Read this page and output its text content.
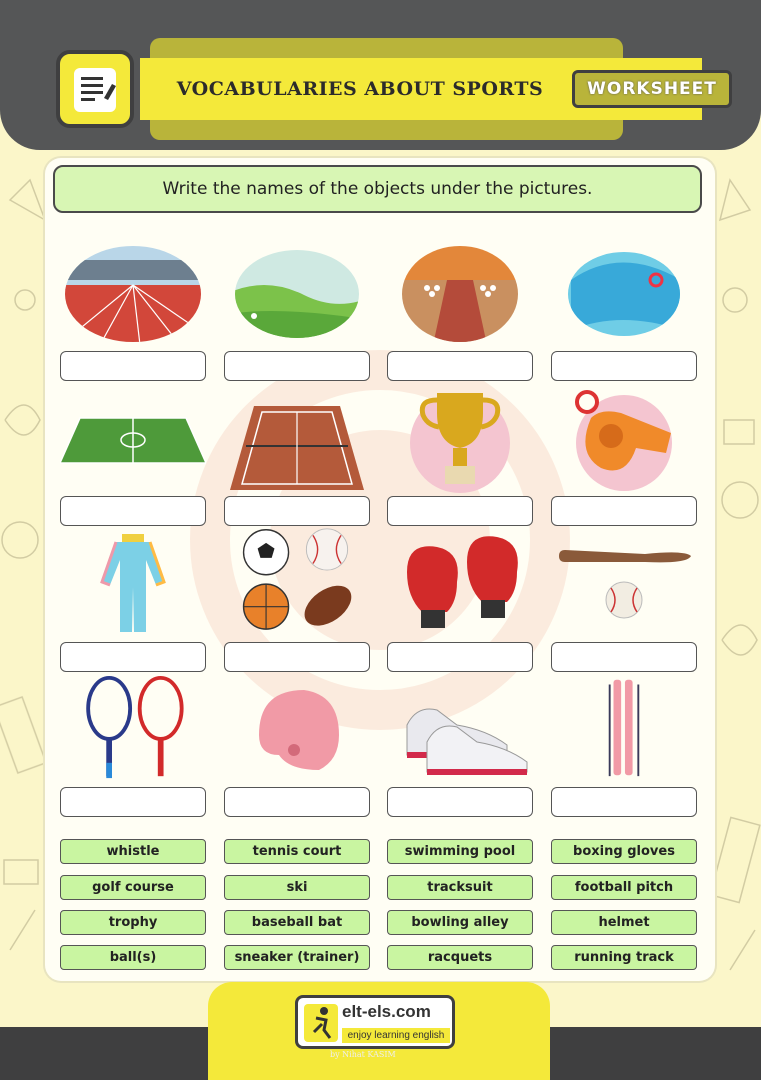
VOCABULARIES ABOUT SPORTS	WORKSHEET
Write the names of the objects under the pictures.
whistle	tennis court	swimming pool	boxing gloves
golf course	ski	tracksuit	football pitch
trophy	baseball bat	bowling alley	helmet
ball(s)	sneaker (trainer)	racquets	running track
elt-els.com
enjoy learning english
by Nihat KASIM
